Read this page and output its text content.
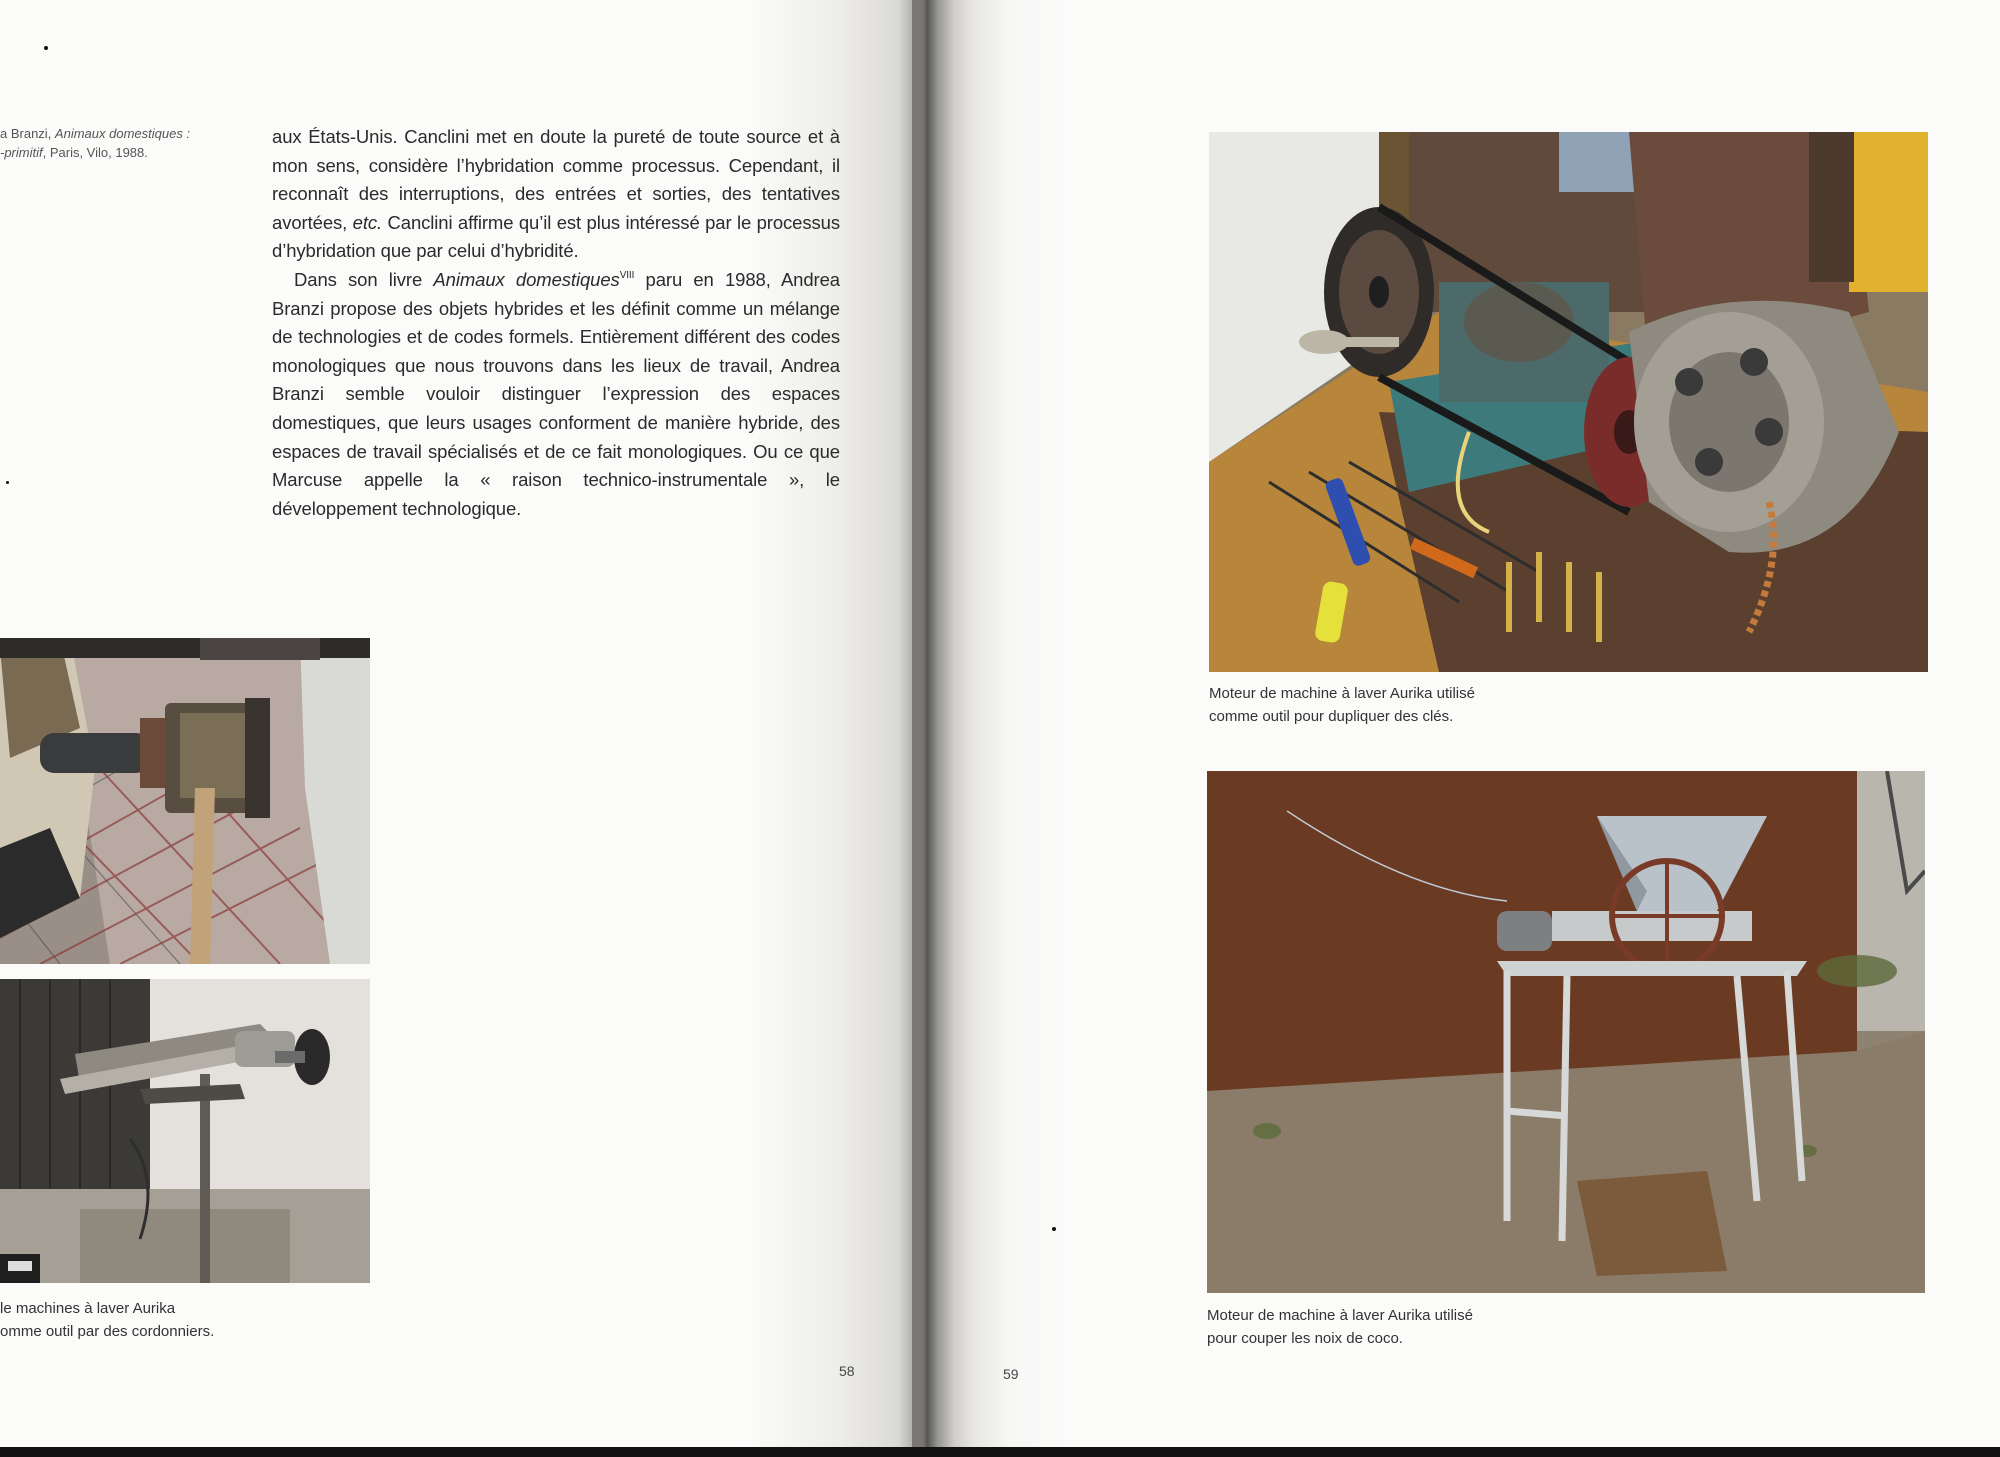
a Branzi, Animaux domestiques :
-primitif, Paris, Vilo, 1988.

aux États-Unis. Canclini met en doute la pureté de toute source et à mon sens, considère l’hybridation comme processus. Cependant, il reconnaît des interruptions, des entrées et sorties, des tentatives avortées, etc. Canclini affirme qu’il est plus intéressé par le processus d’hybridation que par celui d’hybridité.

Dans son livre Animaux domestiques$^{VIII}$ paru en 1988, Andrea Branzi propose des objets hybrides et les définit comme un mélange de technologies et de codes formels. Entièrement différent des codes monologiques que nous trouvons dans les lieux de travail, Andrea Branzi semble vouloir distinguer l’expression des espaces domestiques, que leurs usages conforment de manière hybride, des espaces de travail spécialisés et de ce fait monologiques. Ou ce que Marcuse appelle la « raison technico-instrumentale », le développement technologique.

le machines à laver Aurika
omme outil par des cordonniers.
58
Moteur de machine à laver Aurika utilisé
comme outil pour dupliquer des clés.
Moteur de machine à laver Aurika utilisé
pour couper les noix de coco.
59
